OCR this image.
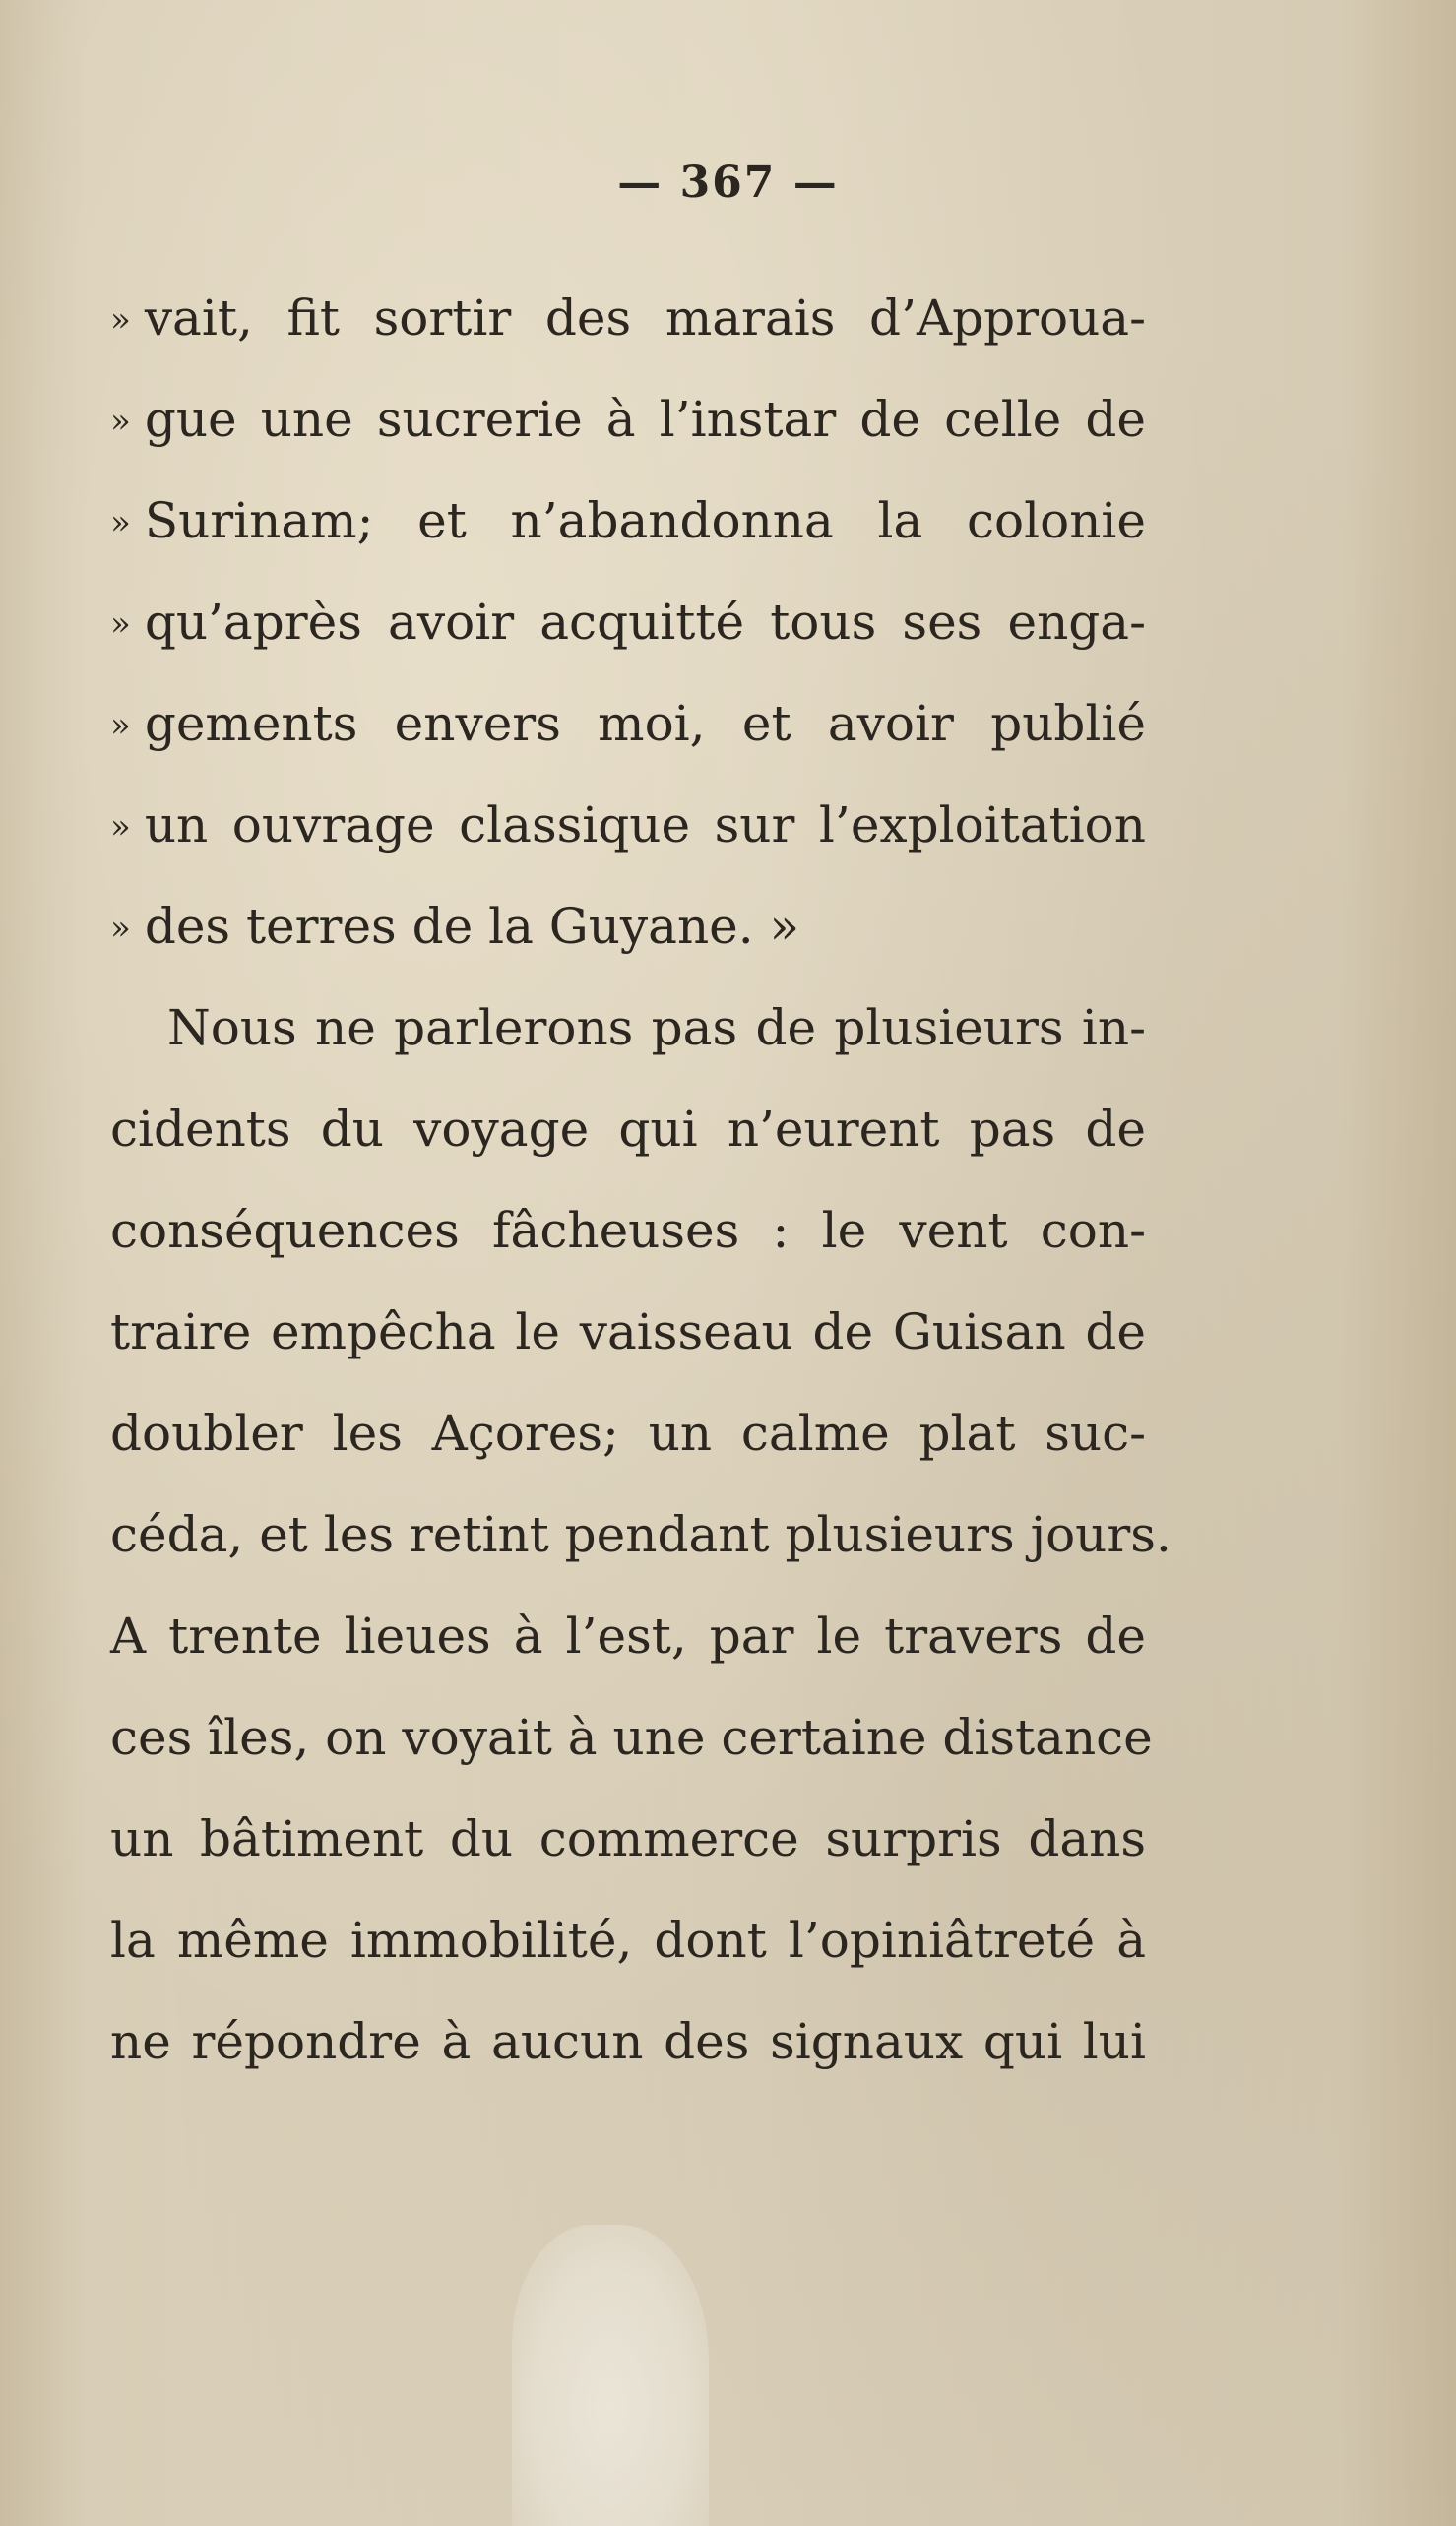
— 367 —
» vait, fit sortir des marais d’Approua-
» gue une sucrerie à l’instar de celle de
» Surinam; et n’abandonna la colonie
» qu’après avoir acquitté tous ses enga-
» gements envers moi, et avoir publié
» un ouvrage classique sur l’exploitation
» des terres de la Guyane. »
Nous ne parlerons pas de plusieurs in-
cidents du voyage qui n’eurent pas de
conséquences fâcheuses : le vent con-
traire empêcha le vaisseau de Guisan de
doubler les Açores; un calme plat suc-
céda, et les retint pendant plusieurs jours.
A trente lieues à l’est, par le travers de
ces îles, on voyait à une certaine distance
un bâtiment du commerce surpris dans
la même immobilité, dont l’opiniâtreté à
ne répondre à aucun des signaux qui lui
